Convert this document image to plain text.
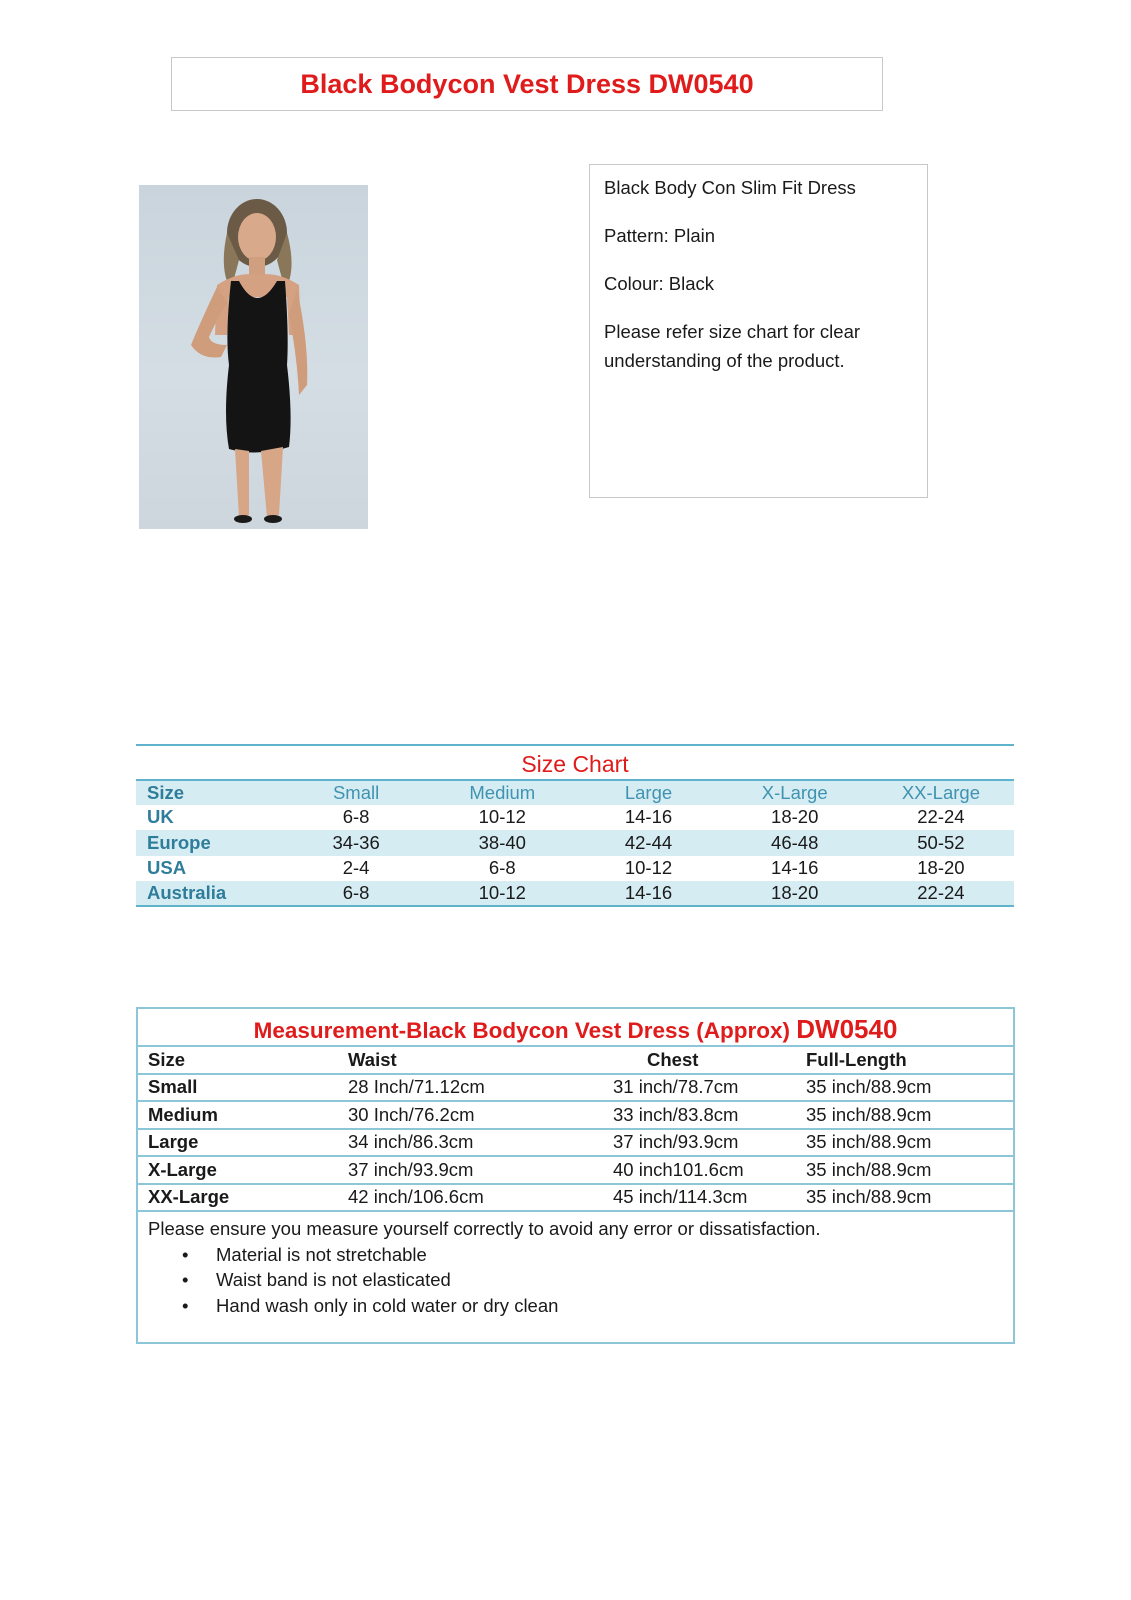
Black Bodycon Vest Dress DW0540

Black Body Con Slim Fit Dress

Pattern: Plain

Colour: Black

Please refer size chart for clear understanding of the product.

Size Chart
Size	Small	Medium	Large	X-Large	XX-Large
UK	6-8	10-12	14-16	18-20	22-24
Europe	34-36	38-40	42-44	46-48	50-52
USA	2-4	6-8	10-12	14-16	18-20
Australia	6-8	10-12	14-16	18-20	22-24
Measurement-Black Bodycon Vest Dress (Approx) DW0540
Size	Waist	Chest	Full-Length
Small	28 Inch/71.12cm	31 inch/78.7cm	35 inch/88.9cm
Medium	30 Inch/76.2cm	33 inch/83.8cm	35 inch/88.9cm
Large	34 inch/86.3cm	37 inch/93.9cm	35 inch/88.9cm
X-Large	37 inch/93.9cm	40 inch101.6cm	35 inch/88.9cm
XX-Large	42 inch/106.6cm	45 inch/114.3cm	35 inch/88.9cm
Please ensure you measure yourself correctly to avoid any error or dissatisfaction.
• Material is not stretchable
• Waist band is not elasticated
• Hand wash only in cold water or dry clean
